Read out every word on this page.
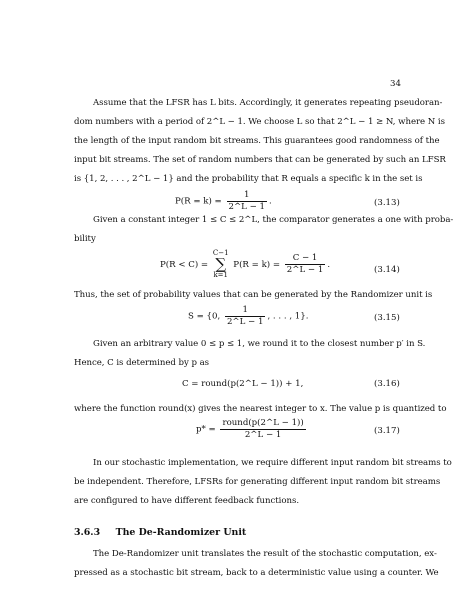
34
Assume that the LFSR has L bits. Accordingly, it generates repeating pseudoran-
dom numbers with a period of 2^L − 1. We choose L so that 2^L − 1 ≥ N, where N is
the length of the input random bit streams. This guarantees good randomness of the
input bit streams. The set of random numbers that can be generated by such an LFSR
is {1, 2, . . . , 2^L − 1} and the probability that R equals a specific k in the set is
$P(R = k) = \frac{1}{2\^{}L - 1}$ .	(3.13)
Given a constant integer 1 ≤ C ≤ 2^L, the comparator generates a one with proba-
bility
P(R < C) = C−1
∑
k=1 $P(R = k) = \frac{C - 1}{2\^{}L - 1}$ .	(3.14)
Thus, the set of probability values that can be generated by the Randomizer unit is
S = {0, $\frac{1}{2\^{}L - 1}$ , . . . , 1}.	(3.15)
Given an arbitrary value 0 ≤ p ≤ 1, we round it to the closest number p′ in S.
Hence, C is determined by p as
C = round(p(2^L − 1)) + 1,	(3.16)
where the function round(x) gives the nearest integer to x. The value p is quantized to
$p* = \frac{\text{round(p(2\textasciicircum{}L − 1))}}{2\^{}L - 1}$	(3.17)
In our stochastic implementation, we require different input random bit streams to
be independent. Therefore, LFSRs for generating different input random bit streams
are configured to have different feedback functions.
3.6.3 The De-Randomizer Unit
The De-Randomizer unit translates the result of the stochastic computation, ex-
pressed as a stochastic bit stream, back to a deterministic value using a counter. We
